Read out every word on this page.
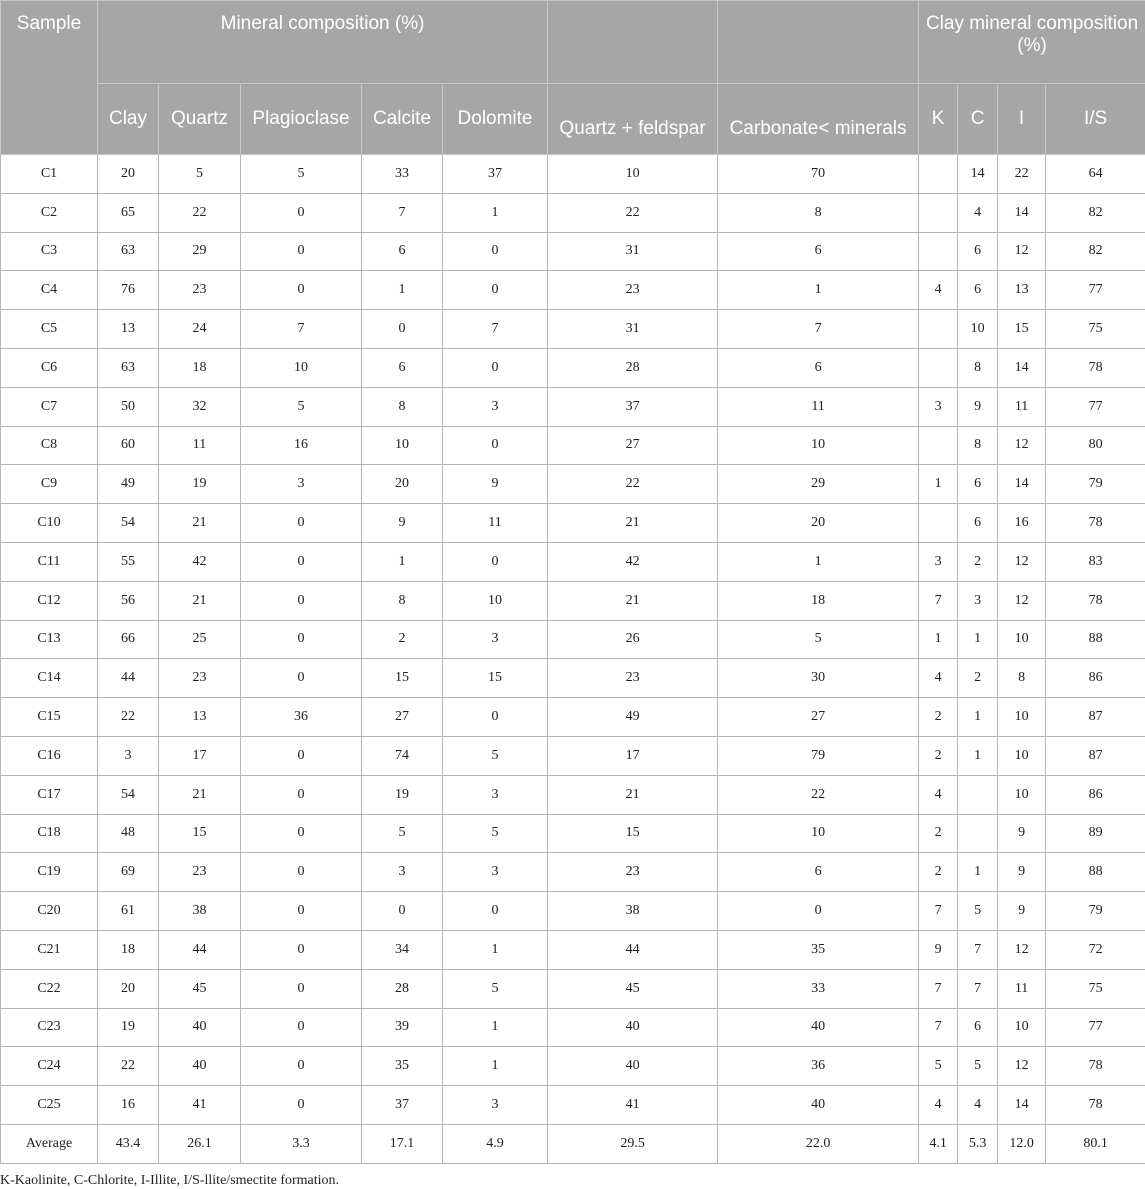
Sample	Mineral composition (%)							Clay mineral composition (%)			
	Clay	Quartz	Plagioclase	Calcite	Dolomite	Quartz + feldspar	Carbonate< minerals	K	C	I	I/S
C1	20	5	5	33	37	10	70		14	22	64
C2	65	22	0	7	1	22	8		4	14	82
C3	63	29	0	6	0	31	6		6	12	82
C4	76	23	0	1	0	23	1	4	6	13	77
C5	13	24	7	0	7	31	7		10	15	75
C6	63	18	10	6	0	28	6		8	14	78
C7	50	32	5	8	3	37	11	3	9	11	77
C8	60	11	16	10	0	27	10		8	12	80
C9	49	19	3	20	9	22	29	1	6	14	79
C10	54	21	0	9	11	21	20		6	16	78
C11	55	42	0	1	0	42	1	3	2	12	83
C12	56	21	0	8	10	21	18	7	3	12	78
C13	66	25	0	2	3	26	5	1	1	10	88
C14	44	23	0	15	15	23	30	4	2	8	86
C15	22	13	36	27	0	49	27	2	1	10	87
C16	3	17	0	74	5	17	79	2	1	10	87
C17	54	21	0	19	3	21	22	4		10	86
C18	48	15	0	5	5	15	10	2		9	89
C19	69	23	0	3	3	23	6	2	1	9	88
C20	61	38	0	0	0	38	0	7	5	9	79
C21	18	44	0	34	1	44	35	9	7	12	72
C22	20	45	0	28	5	45	33	7	7	11	75
C23	19	40	0	39	1	40	40	7	6	10	77
C24	22	40	0	35	1	40	36	5	5	12	78
C25	16	41	0	37	3	41	40	4	4	14	78
Average	43.4	26.1	3.3	17.1	4.9	29.5	22.0	4.1	5.3	12.0	80.1
K-Kaolinite, C-Chlorite, I-Illite, I/S-llite/smectite formation.
